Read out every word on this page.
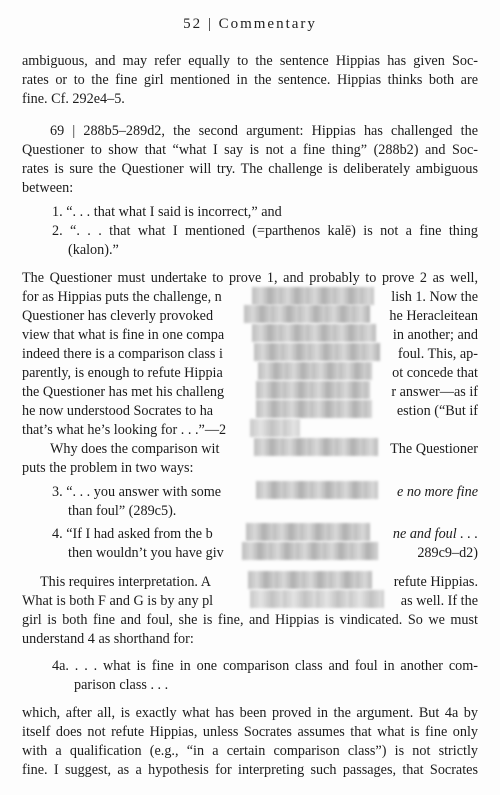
52 | Commentary
ambiguous, and may refer equally to the sentence Hippias has given Soc-
rates or to the fine girl mentioned in the sentence. Hippias thinks both are
fine. Cf. 292e4–5.
69 | 288b5–289d2, the second argument: Hippias has challenged the
Questioner to show that “what I say is not a fine thing” (288b2) and Soc-
rates is sure the Questioner will try. The challenge is deliberately ambiguous
between:
1. “. . . that what I said is incorrect,” and
2. “. . . that what I mentioned (=parthenos kalē) is not a fine thing
(kalon).”
The Questioner must undertake to prove 1, and probably to prove 2 as well,
for as Hippias puts the challenge, n	lish 1. Now the
Questioner has cleverly provoked	he Heracleitean
view that what is fine in one compa	in another; and
indeed there is a comparison class i	foul. This, ap-
parently, is enough to refute Hippia	ot concede that
the Questioner has met his challeng	r answer—as if
he now understood Socrates to ha	estion (“But if
that’s what he’s looking for . . .”—2
Why does the comparison wit	The Questioner
puts the problem in two ways:
3. “. . . you answer with some	e no more fine
than foul” (289c5).
4. “If I had asked from the b	ne and foul . . .
then wouldn’t you have giv	289c9–d2)
This requires interpretation. A	refute Hippias.
What is both F and G is by any pl	as well. If the
girl is both fine and foul, she is fine, and Hippias is vindicated. So we must
understand 4 as shorthand for:
4a. . . . what is fine in one comparison class and foul in another com-
parison class . . .
which, after all, is exactly what has been proved in the argument. But 4a by
itself does not refute Hippias, unless Socrates assumes that what is fine only
with a qualification (e.g., “in a certain comparison class”) is not strictly
fine. I suggest, as a hypothesis for interpreting such passages, that Socrates
